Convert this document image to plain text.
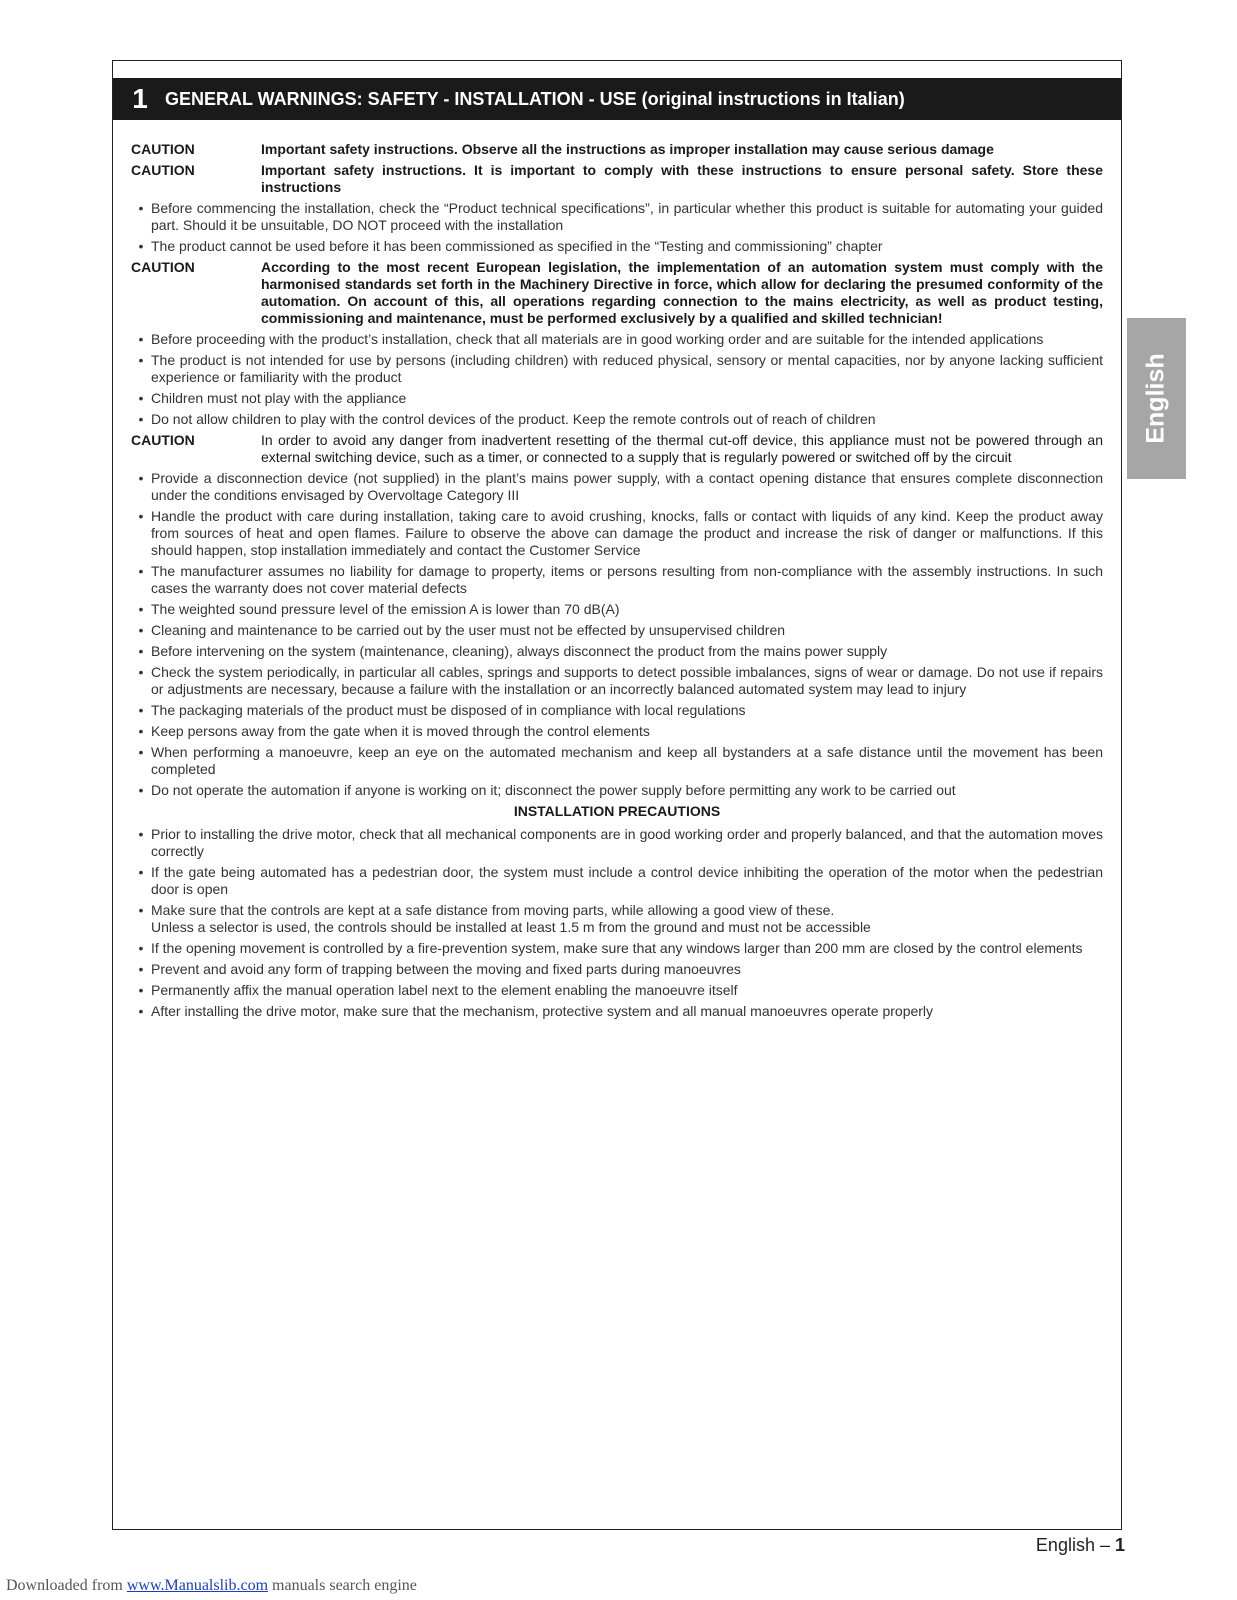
1 GENERAL WARNINGS: SAFETY - INSTALLATION - USE (original instructions in Italian)
CAUTION	Important safety instructions. Observe all the instructions as improper installation may cause serious damage
CAUTION	Important safety instructions. It is important to comply with these instructions to ensure personal safety. Store these instructions
• Before commencing the installation, check the “Product technical specifications”, in particular whether this product is suitable for automating your guided part. Should it be unsuitable, DO NOT proceed with the installation
• The product cannot be used before it has been commissioned as specified in the “Testing and commissioning” chapter
CAUTION	According to the most recent European legislation, the implementation of an automation system must comply with the harmonised standards set forth in the Machinery Directive in force, which allow for declaring the presumed conformity of the automation. On account of this, all operations regarding connection to the mains electricity, as well as product testing, commissioning and maintenance, must be performed exclusively by a qualified and skilled technician!
• Before proceeding with the product’s installation, check that all materials are in good working order and are suitable for the intended applications
• The product is not intended for use by persons (including children) with reduced physical, sensory or mental capacities, nor by anyone lacking sufficient experience or familiarity with the product
• Children must not play with the appliance
• Do not allow children to play with the control devices of the product. Keep the remote controls out of reach of children
CAUTION	In order to avoid any danger from inadvertent resetting of the thermal cut-off device, this appliance must not be powered through an external switching device, such as a timer, or connected to a supply that is regularly powered or switched off by the circuit
• Provide a disconnection device (not supplied) in the plant’s mains power supply, with a contact opening distance that ensures complete disconnection under the conditions envisaged by Overvoltage Category III
• Handle the product with care during installation, taking care to avoid crushing, knocks, falls or contact with liquids of any kind. Keep the product away from sources of heat and open flames. Failure to observe the above can damage the product and increase the risk of danger or malfunctions. If this should happen, stop installation immediately and contact the Customer Service
• The manufacturer assumes no liability for damage to property, items or persons resulting from non-compliance with the assembly instructions. In such cases the warranty does not cover material defects
• The weighted sound pressure level of the emission A is lower than 70 dB(A)
• Cleaning and maintenance to be carried out by the user must not be effected by unsupervised children
• Before intervening on the system (maintenance, cleaning), always disconnect the product from the mains power supply
• Check the system periodically, in particular all cables, springs and supports to detect possible imbalances, signs of wear or damage. Do not use if repairs or adjustments are necessary, because a failure with the installation or an incorrectly balanced automated system may lead to injury
• The packaging materials of the product must be disposed of in compliance with local regulations
• Keep persons away from the gate when it is moved through the control elements
• When performing a manoeuvre, keep an eye on the automated mechanism and keep all bystanders at a safe distance until the movement has been completed
• Do not operate the automation if anyone is working on it; disconnect the power supply before permitting any work to be carried out
INSTALLATION PRECAUTIONS
• Prior to installing the drive motor, check that all mechanical components are in good working order and properly balanced, and that the automation moves correctly
• If the gate being automated has a pedestrian door, the system must include a control device inhibiting the operation of the motor when the pedestrian door is open
• Make sure that the controls are kept at a safe distance from moving parts, while allowing a good view of these.
Unless a selector is used, the controls should be installed at least 1.5 m from the ground and must not be accessible
• If the opening movement is controlled by a fire-prevention system, make sure that any windows larger than 200 mm are closed by the control elements
• Prevent and avoid any form of trapping between the moving and fixed parts during manoeuvres
• Permanently affix the manual operation label next to the element enabling the manoeuvre itself
• After installing the drive motor, make sure that the mechanism, protective system and all manual manoeuvres operate properly
English
English – 1
Downloaded from www.Manualslib.com manuals search engine
